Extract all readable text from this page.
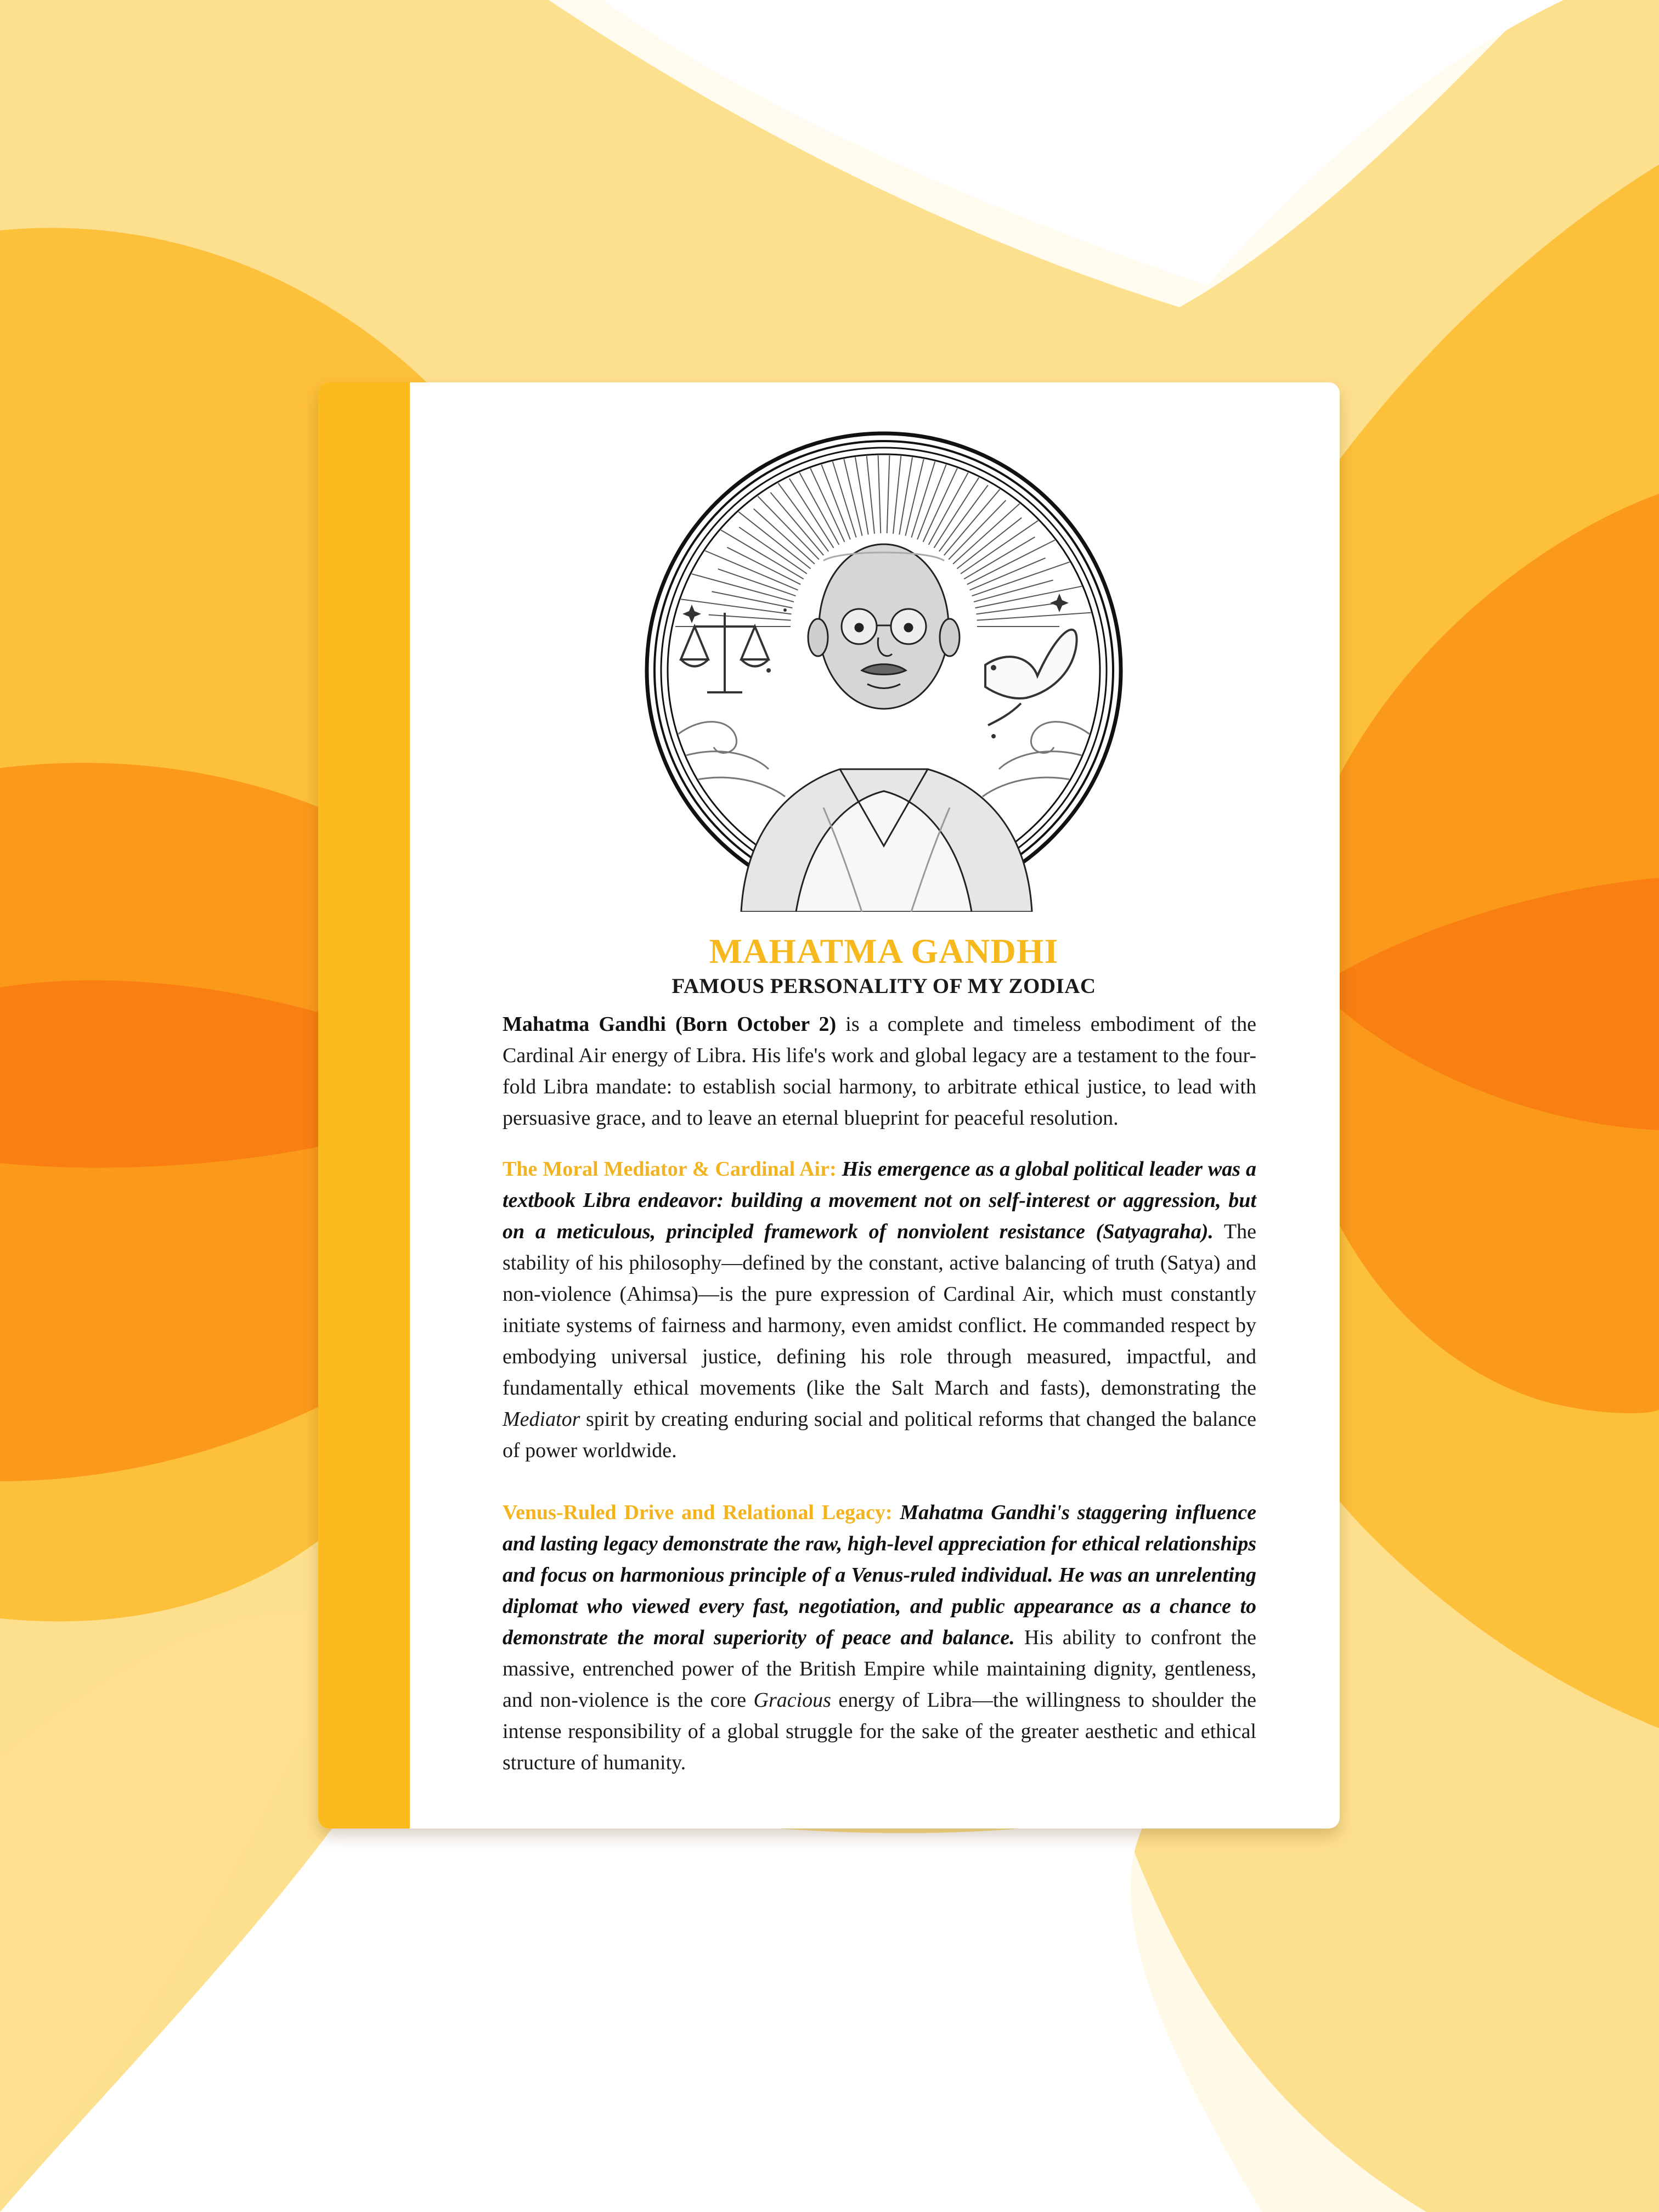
MAHATMA GANDHI
FAMOUS PERSONALITY OF MY ZODIAC

Mahatma Gandhi (Born October 2) is a complete and timeless embodiment of the Cardinal Air energy of Libra. His life's work and global legacy are a testament to the four-fold Libra mandate: to establish social harmony, to arbitrate ethical justice, to lead with persuasive grace, and to leave an eternal blueprint for peaceful resolution.

The Moral Mediator & Cardinal Air: His emergence as a global political leader was a textbook Libra endeavor: building a movement not on self-interest or aggression, but on a meticulous, principled framework of nonviolent resistance (Satyagraha). The stability of his philosophy—defined by the constant, active balancing of truth (Satya) and non-violence (Ahimsa)—is the pure expression of Cardinal Air, which must constantly initiate systems of fairness and harmony, even amidst conflict. He commanded respect by embodying universal justice, defining his role through measured, impactful, and fundamentally ethical movements (like the Salt March and fasts), demonstrating the Mediator spirit by creating enduring social and political reforms that changed the balance of power worldwide.

Venus-Ruled Drive and Relational Legacy: Mahatma Gandhi's staggering influence and lasting legacy demonstrate the raw, high-level appreciation for ethical relationships and focus on harmonious principle of a Venus-ruled individual. He was an unrelenting diplomat who viewed every fast, negotiation, and public appearance as a chance to demonstrate the moral superiority of peace and balance. His ability to confront the massive, entrenched power of the British Empire while maintaining dignity, gentleness, and non-violence is the core Gracious energy of Libra—the willingness to shoulder the intense responsibility of a global struggle for the sake of the greater aesthetic and ethical structure of humanity.
